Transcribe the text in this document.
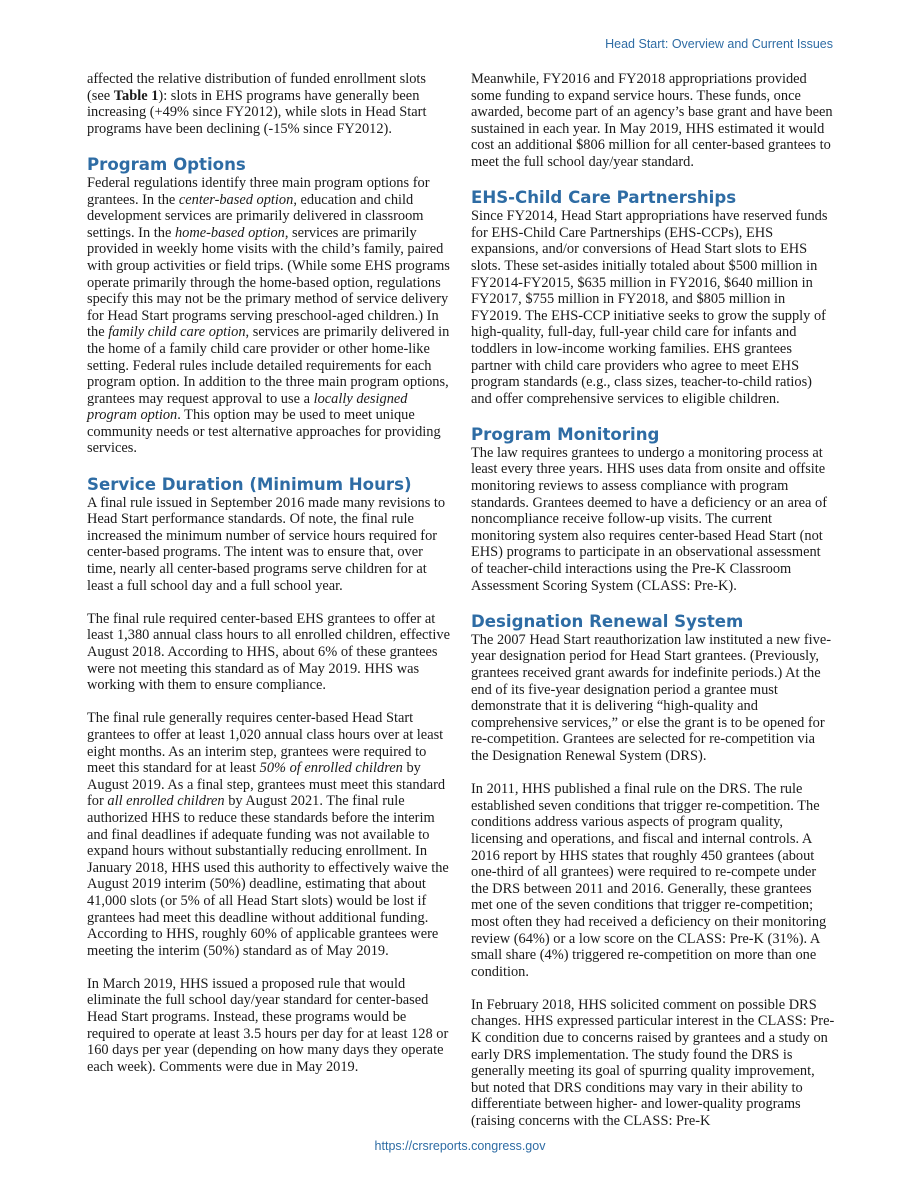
Head Start: Overview and Current Issues

affected the relative distribution of funded enrollment slots (see Table 1): slots in EHS programs have generally been increasing (+49% since FY2012), while slots in Head Start programs have been declining (-15% since FY2012).

Program Options

Federal regulations identify three main program options for grantees. In the center-based option, education and child development services are primarily delivered in classroom settings. In the home-based option, services are primarily provided in weekly home visits with the child’s family, paired with group activities or field trips. (While some EHS programs operate primarily through the home-based option, regulations specify this may not be the primary method of service delivery for Head Start programs serving preschool-aged children.) In the family child care option, services are primarily delivered in the home of a family child care provider or other home-like setting. Federal rules include detailed requirements for each program option. In addition to the three main program options, grantees may request approval to use a locally designed program option. This option may be used to meet unique community needs or test alternative approaches for providing services.

Service Duration (Minimum Hours)

A final rule issued in September 2016 made many revisions to Head Start performance standards. Of note, the final rule increased the minimum number of service hours required for center-based programs. The intent was to ensure that, over time, nearly all center-based programs serve children for at least a full school day and a full school year.

The final rule required center-based EHS grantees to offer at least 1,380 annual class hours to all enrolled children, effective August 2018. According to HHS, about 6% of these grantees were not meeting this standard as of May 2019. HHS was working with them to ensure compliance.

The final rule generally requires center-based Head Start grantees to offer at least 1,020 annual class hours over at least eight months. As an interim step, grantees were required to meet this standard for at least 50% of enrolled children by August 2019. As a final step, grantees must meet this standard for all enrolled children by August 2021. The final rule authorized HHS to reduce these standards before the interim and final deadlines if adequate funding was not available to expand hours without substantially reducing enrollment. In January 2018, HHS used this authority to effectively waive the August 2019 interim (50%) deadline, estimating that about 41,000 slots (or 5% of all Head Start slots) would be lost if grantees had meet this deadline without additional funding. According to HHS, roughly 60% of applicable grantees were meeting the interim (50%) standard as of May 2019.

In March 2019, HHS issued a proposed rule that would eliminate the full school day/year standard for center-based Head Start programs. Instead, these programs would be required to operate at least 3.5 hours per day for at least 128 or 160 days per year (depending on how many days they operate each week). Comments were due in May 2019.

Meanwhile, FY2016 and FY2018 appropriations provided some funding to expand service hours. These funds, once awarded, become part of an agency’s base grant and have been sustained in each year. In May 2019, HHS estimated it would cost an additional $806 million for all center-based grantees to meet the full school day/year standard.

EHS-Child Care Partnerships

Since FY2014, Head Start appropriations have reserved funds for EHS-Child Care Partnerships (EHS-CCPs), EHS expansions, and/or conversions of Head Start slots to EHS slots. These set-asides initially totaled about $500 million in FY2014-FY2015, $635 million in FY2016, $640 million in FY2017, $755 million in FY2018, and $805 million in FY2019. The EHS-CCP initiative seeks to grow the supply of high-quality, full-day, full-year child care for infants and toddlers in low-income working families. EHS grantees partner with child care providers who agree to meet EHS program standards (e.g., class sizes, teacher-to-child ratios) and offer comprehensive services to eligible children.

Program Monitoring

The law requires grantees to undergo a monitoring process at least every three years. HHS uses data from onsite and offsite monitoring reviews to assess compliance with program standards. Grantees deemed to have a deficiency or an area of noncompliance receive follow-up visits. The current monitoring system also requires center-based Head Start (not EHS) programs to participate in an observational assessment of teacher-child interactions using the Pre-K Classroom Assessment Scoring System (CLASS: Pre-K).

Designation Renewal System

The 2007 Head Start reauthorization law instituted a new five-year designation period for Head Start grantees. (Previously, grantees received grant awards for indefinite periods.) At the end of its five-year designation period a grantee must demonstrate that it is delivering “high-quality and comprehensive services,” or else the grant is to be opened for re-competition. Grantees are selected for re-competition via the Designation Renewal System (DRS).

In 2011, HHS published a final rule on the DRS. The rule established seven conditions that trigger re-competition. The conditions address various aspects of program quality, licensing and operations, and fiscal and internal controls. A 2016 report by HHS states that roughly 450 grantees (about one-third of all grantees) were required to re-compete under the DRS between 2011 and 2016. Generally, these grantees met one of the seven conditions that trigger re-competition; most often they had received a deficiency on their monitoring review (64%) or a low score on the CLASS: Pre-K (31%). A small share (4%) triggered re-competition on more than one condition.

In February 2018, HHS solicited comment on possible DRS changes. HHS expressed particular interest in the CLASS: Pre-K condition due to concerns raised by grantees and a study on early DRS implementation. The study found the DRS is generally meeting its goal of spurring quality improvement, but noted that DRS conditions may vary in their ability to differentiate between higher- and lower-quality programs (raising concerns with the CLASS: Pre-K

https://crsreports.congress.gov
